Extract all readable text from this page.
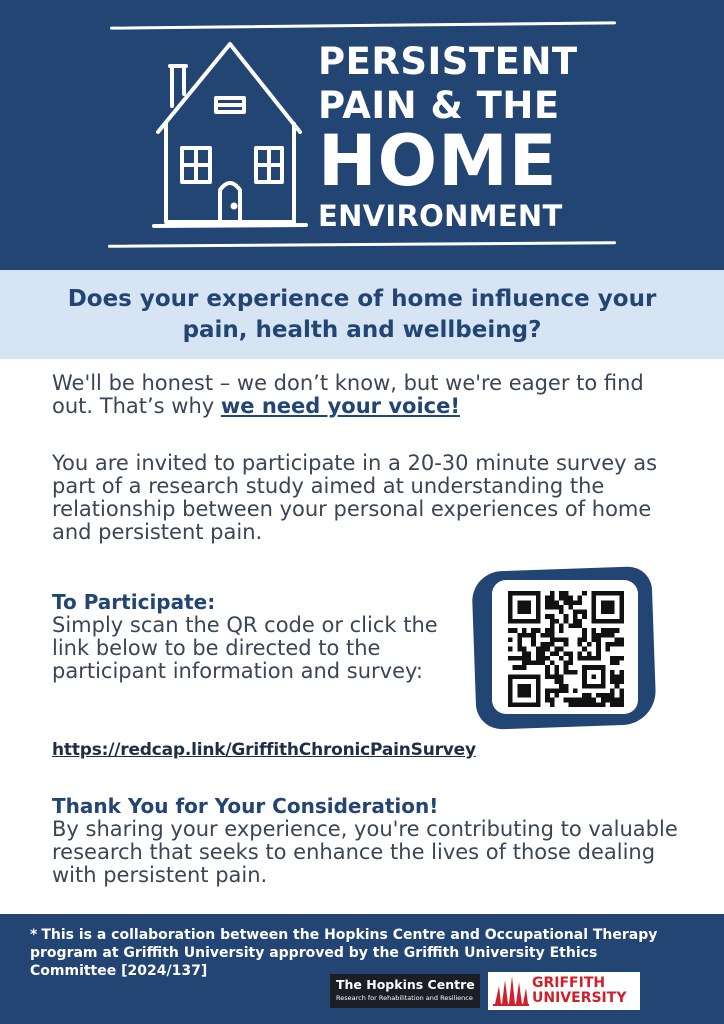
PERSISTENT
PAIN & THE
HOME
ENVIRONMENT
Does your experience of home influence your pain, health and wellbeing?
We'll be honest – we don’t know, but we're eager to find out. That’s why we need your voice!
You are invited to participate in a 20-30 minute survey as part of a research study aimed at understanding the relationship between your personal experiences of home and persistent pain.
To Participate:
Simply scan the QR code or click the link below to be directed to the participant information and survey:
https://redcap.link/GriffithChronicPainSurvey
Thank You for Your Consideration!
By sharing your experience, you're contributing to valuable research that seeks to enhance the lives of those dealing with persistent pain.
* This is a collaboration between the Hopkins Centre and Occupational Therapy program at Griffith University approved by the Griffith University Ethics Committee [2024/137]
The Hopkins Centre
Research for Rehabilitation and Resilience
GRIFFITH
UNIVERSITY
